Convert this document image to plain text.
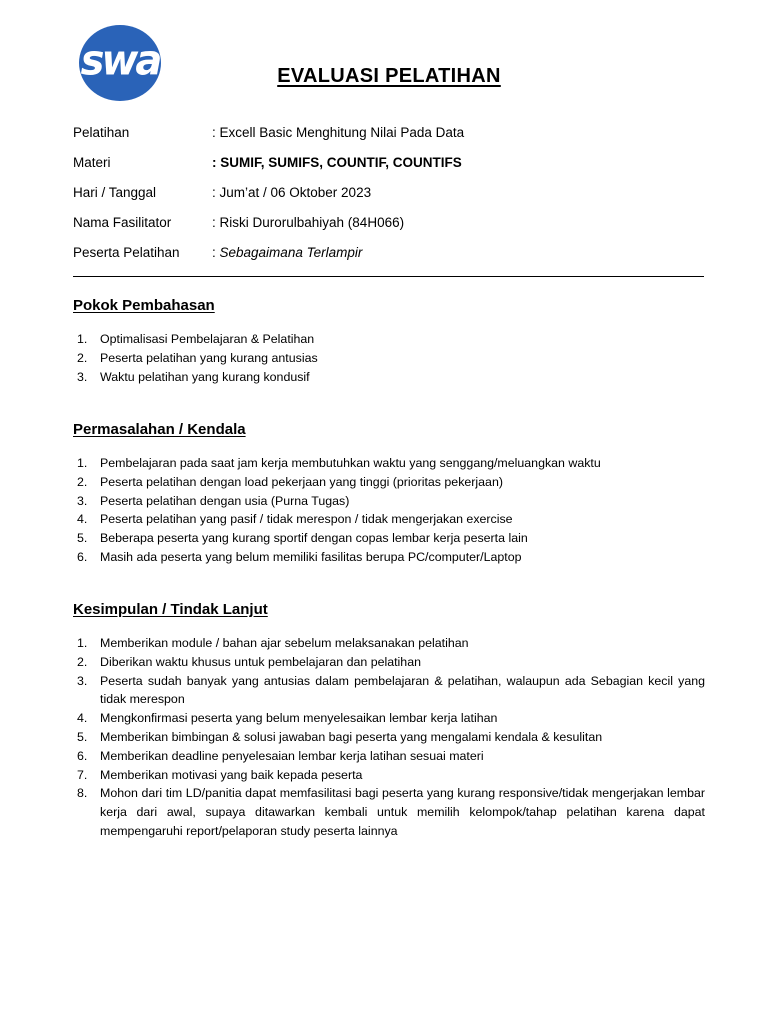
swa	EVALUASI PELATIHAN
Pelatihan	: Excell Basic Menghitung Nilai Pada Data
Materi	: SUMIF, SUMIFS, COUNTIF, COUNTIFS
Hari / Tanggal	: Jum’at / 06 Oktober 2023
Nama Fasilitator	: Riski Durorulbahiyah (84H066)
Peserta Pelatihan : Sebagaimana Terlampir
Pokok Pembahasan
1. Optimalisasi Pembelajaran & Pelatihan
2. Peserta pelatihan yang kurang antusias
3. Waktu pelatihan yang kurang kondusif
Permasalahan / Kendala
1. Pembelajaran pada saat jam kerja membutuhkan waktu yang senggang/meluangkan waktu
2. Peserta pelatihan dengan load pekerjaan yang tinggi (prioritas pekerjaan)
3. Peserta pelatihan dengan usia (Purna Tugas)
4. Peserta pelatihan yang pasif / tidak merespon / tidak mengerjakan exercise
5. Beberapa peserta yang kurang sportif dengan copas lembar kerja peserta lain
6. Masih ada peserta yang belum memiliki fasilitas berupa PC/computer/Laptop
Kesimpulan / Tindak Lanjut
1. Memberikan module / bahan ajar sebelum melaksanakan pelatihan
2. Diberikan waktu khusus untuk pembelajaran dan pelatihan
3. Peserta sudah banyak yang antusias dalam pembelajaran & pelatihan, walaupun ada Sebagian kecil yang tidak merespon
4. Mengkonfirmasi peserta yang belum menyelesaikan lembar kerja latihan
5. Memberikan bimbingan & solusi jawaban bagi peserta yang mengalami kendala & kesulitan
6. Memberikan deadline penyelesaian lembar kerja latihan sesuai materi
7. Memberikan motivasi yang baik kepada peserta
8. Mohon dari tim LD/panitia dapat memfasilitasi bagi peserta yang kurang responsive/tidak mengerjakan lembar kerja dari awal, supaya ditawarkan kembali untuk memilih kelompok/tahap pelatihan karena dapat mempengaruhi report/pelaporan study peserta lainnya
